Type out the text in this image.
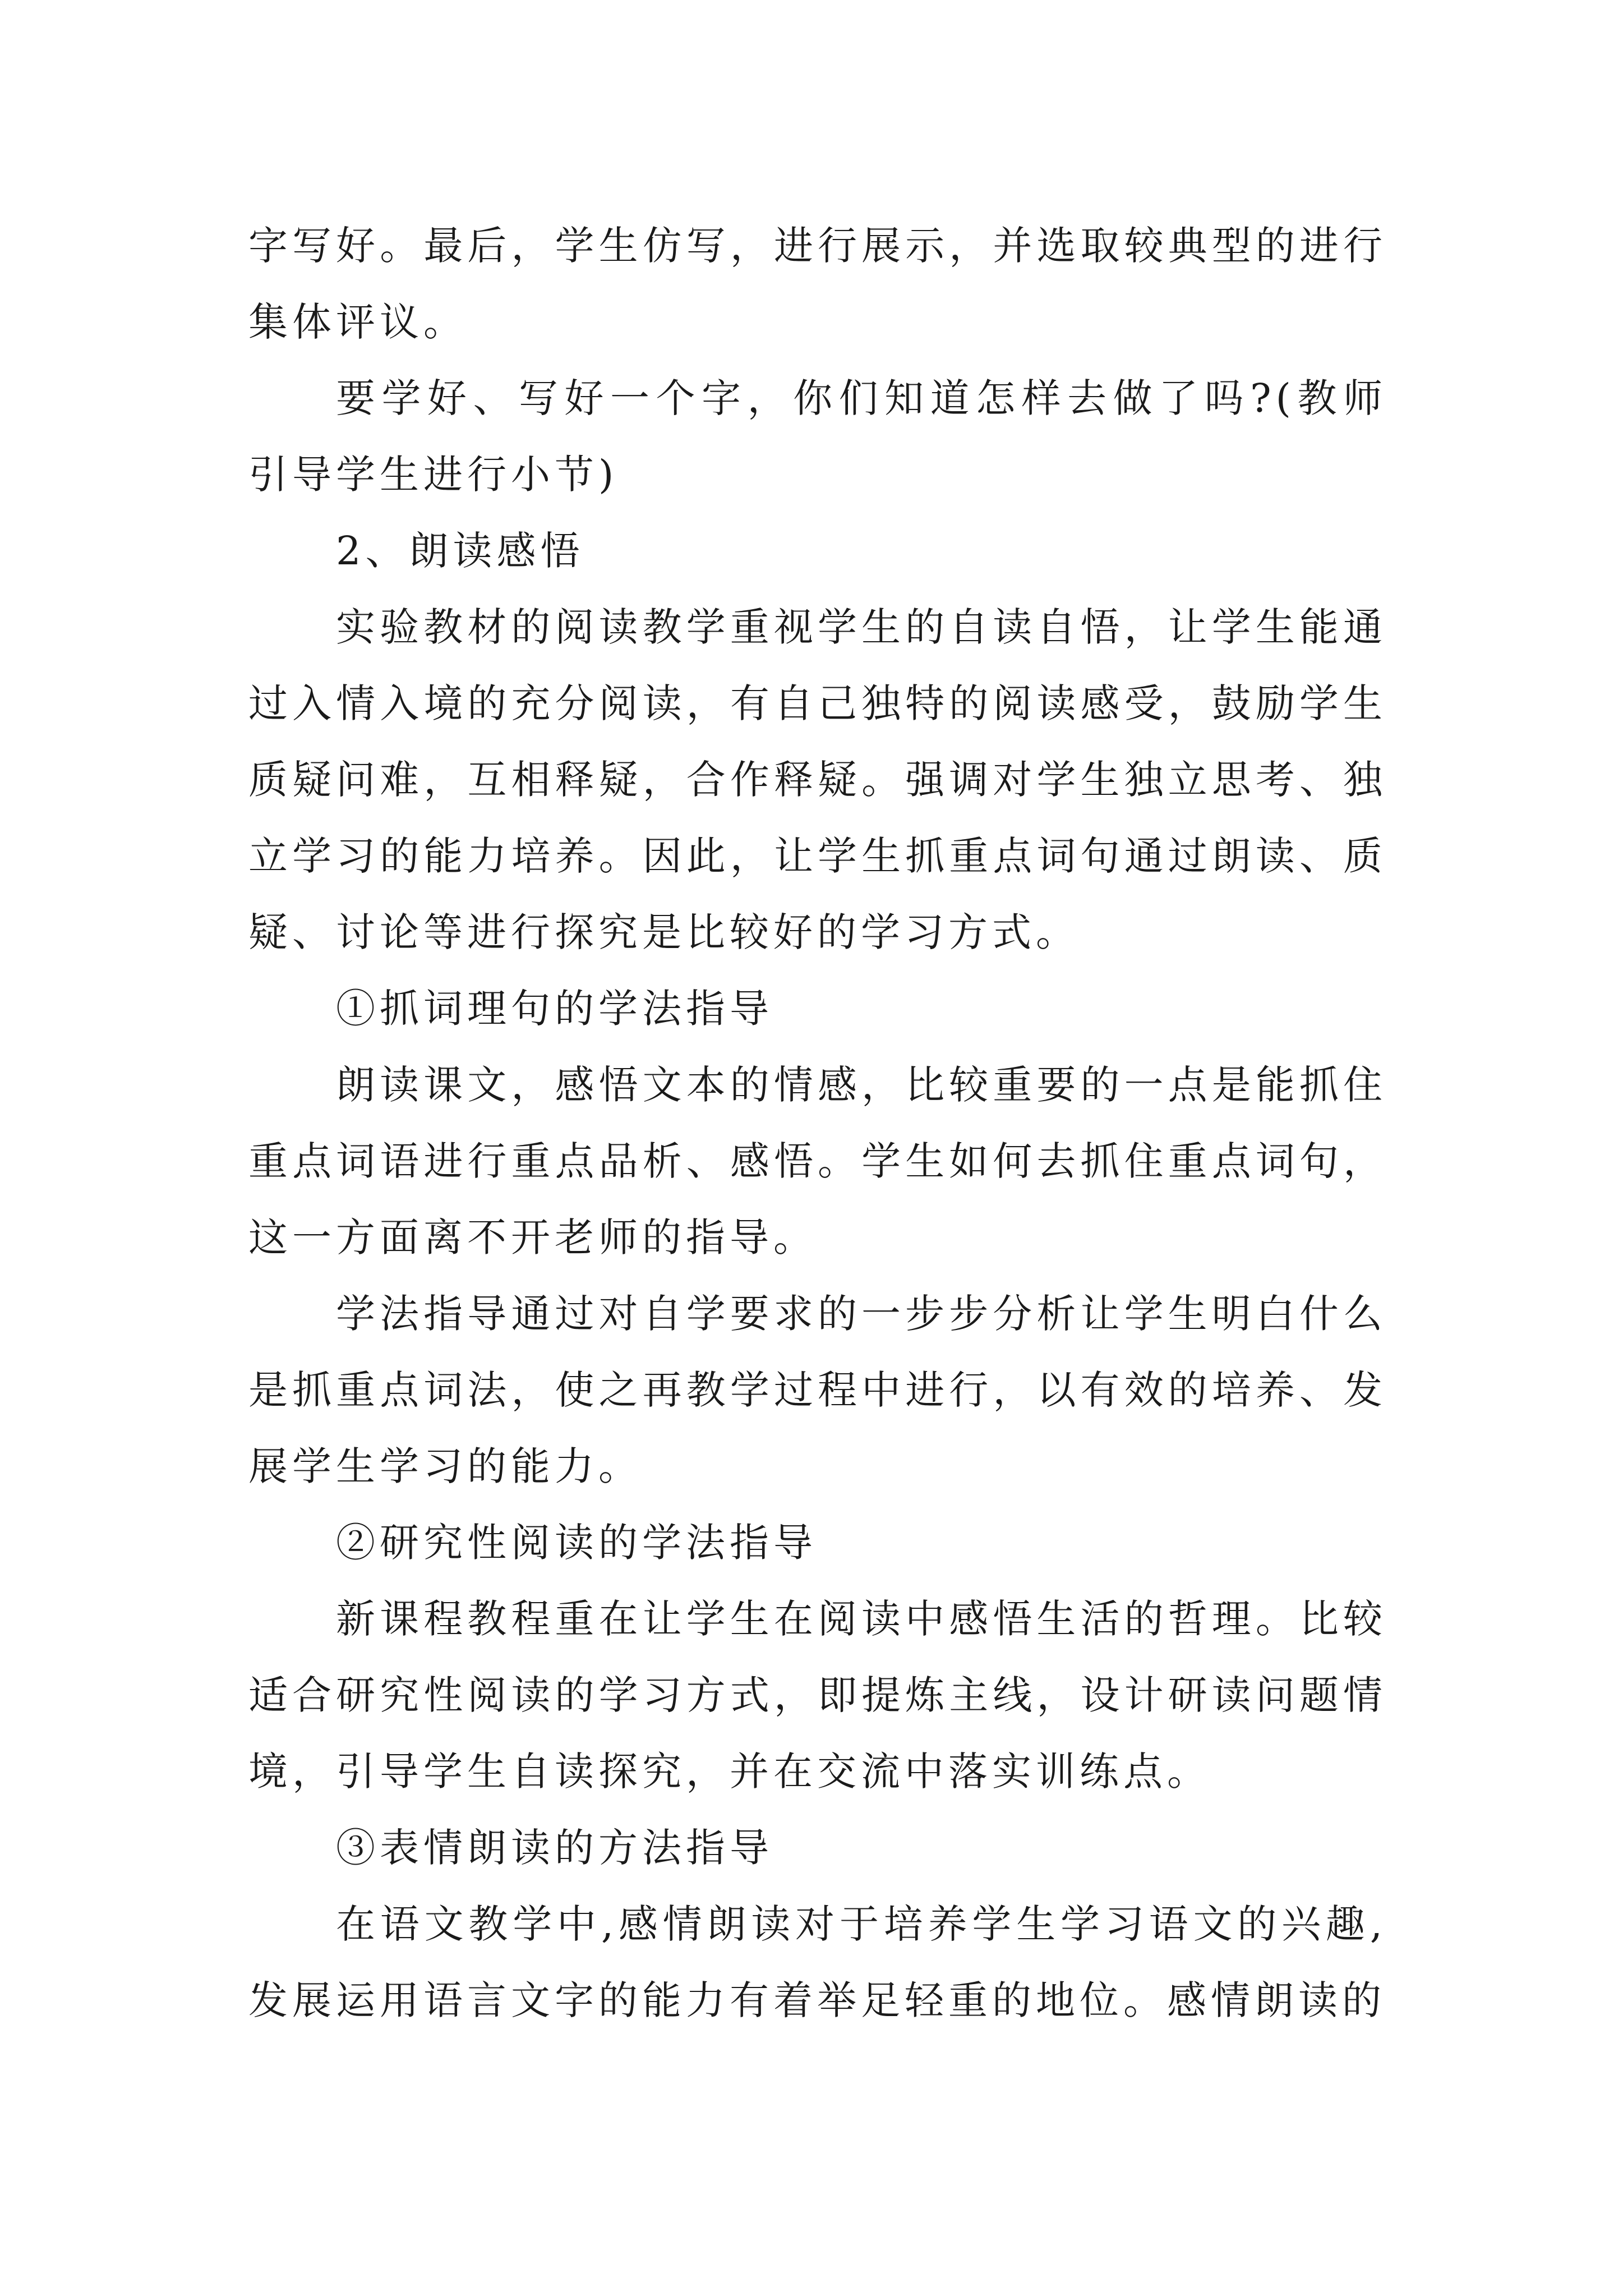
字写好。最后，学生仿写，进行展示，并选取较典型的进行集体评议。

要学好、写好一个字，你们知道怎样去做了吗?(教师引导学生进行小节)

2、朗读感悟

实验教材的阅读教学重视学生的自读自悟，让学生能通过入情入境的充分阅读，有自己独特的阅读感受，鼓励学生质疑问难，互相释疑，合作释疑。强调对学生独立思考、独立学习的能力培养。因此，让学生抓重点词句通过朗读、质疑、讨论等进行探究是比较好的学习方式。

①抓词理句的学法指导

朗读课文，感悟文本的情感，比较重要的一点是能抓住重点词语进行重点品析、感悟。学生如何去抓住重点词句，这一方面离不开老师的指导。

学法指导通过对自学要求的一步步分析让学生明白什么是抓重点词法，使之再教学过程中进行，以有效的培养、发展学生学习的能力。

②研究性阅读的学法指导

新课程教程重在让学生在阅读中感悟生活的哲理。比较适合研究性阅读的学习方式，即提炼主线，设计研读问题情境，引导学生自读探究，并在交流中落实训练点。

③表情朗读的方法指导

在语文教学中,感情朗读对于培养学生学习语文的兴趣,发展运用语言文字的能力有着举足轻重的地位。感情朗读的
